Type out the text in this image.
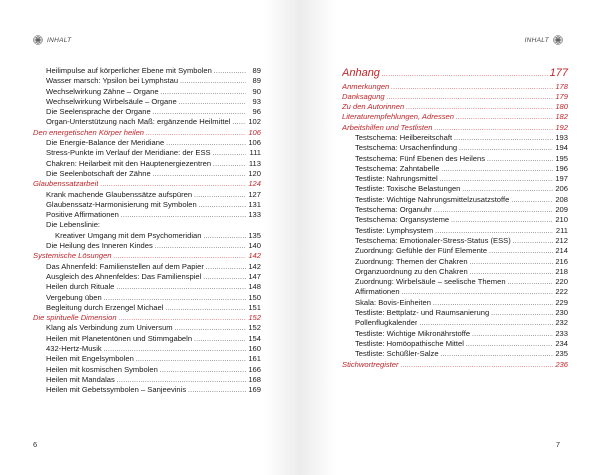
INHALT
Heilimpulse auf körperlicher Ebene mit Symbolen .....	89
Wasser marsch: Ypsilon bei Lymphstau .....	89
Wechselwirkung Zähne – Organe .....	90
Wechselwirkung Wirbelsäule – Organe .....	93
Die Seelensprache der Organe .....	96
Organ-Unterstützung nach Maß: ergänzende Heilmittel ..... 102
Den energetischen Körper heilen .....	106
Die Energie-Balance der Meridiane .....	106
Stress-Punkte im Verlauf der Meridiane: der ESS .....	111
Chakren: Heilarbeit mit den Hauptenergiezentren .....	113
Die Seelenbotschaft der Zähne .....	120
Glaubenssatzarbeit .....	124
Krank machende Glaubenssätze aufspüren .....	127
Glaubenssatz-Harmonisierung mit Symbolen .....	131
Positive Affirmationen .....	133
Die Lebenslinie:
Kreativer Umgang mit dem Psychomeridian .....	135
Die Heilung des Inneren Kindes .....	140
Systemische Lösungen .....	142
Das Ahnenfeld: Familienstellen auf dem Papier .....	142
Ausgleich des Ahnenfeldes: Das Familienspiel .....	147
Heilen durch Rituale .....	148
Vergebung üben .....	150
Begleitung durch Erzengel Michael .....	151
Die spirituelle Dimension .....	152
Klang als Verbindung zum Universum .....	152
Heilen mit Planetentönen und Stimmgabeln .....	154
432-Hertz-Musik .....	160
Heilen mit Engelsymbolen .....	161
Heilen mit kosmischen Symbolen .....	166
Heilen mit Mandalas .....	168
Heilen mit Gebetssymbolen – Sanjeevinis .....	169
6
INHALT
Anhang .....	177
Anmerkungen .....	178
Danksagung .....	179
Zu den Autorinnen .....	180
Literaturempfehlungen, Adressen .....	182
Arbeitshilfen und Testlisten .....	192
Testschema: Heilbereitschaft .....	193
Testschema: Ursachenfindung .....	194
Testschema: Fünf Ebenen des Heilens .....	195
Testschema: Zahntabelle .....	196
Testliste: Nahrungsmittel .....	197
Testliste: Toxische Belastungen .....	206
Testliste: Wichtige Nahrungsmittelzusatzstoffe .....	208
Testschema: Organuhr .....	209
Testschema: Organsysteme .....	210
Testliste: Lymphsystem .....	211
Testschema: Emotionaler-Stress-Status (ESS) .....	212
Zuordnung: Gefühle der Fünf Elemente .....	214
Zuordnung: Themen der Chakren .....	216
Organzuordnung zu den Chakren .....	218
Zuordnung: Wirbelsäule – seelische Themen .....	220
Affirmationen .....	222
Skala: Bovis-Einheiten .....	229
Testliste: Bettplatz- und Raumsanierung .....	230
Pollenflugkalender .....	232
Testliste: Wichtige Mikronährstoffe .....	233
Testliste: Homöopathische Mittel .....	234
Testliste: Schüßler-Salze .....	235
Stichwortregister .....	236
7
